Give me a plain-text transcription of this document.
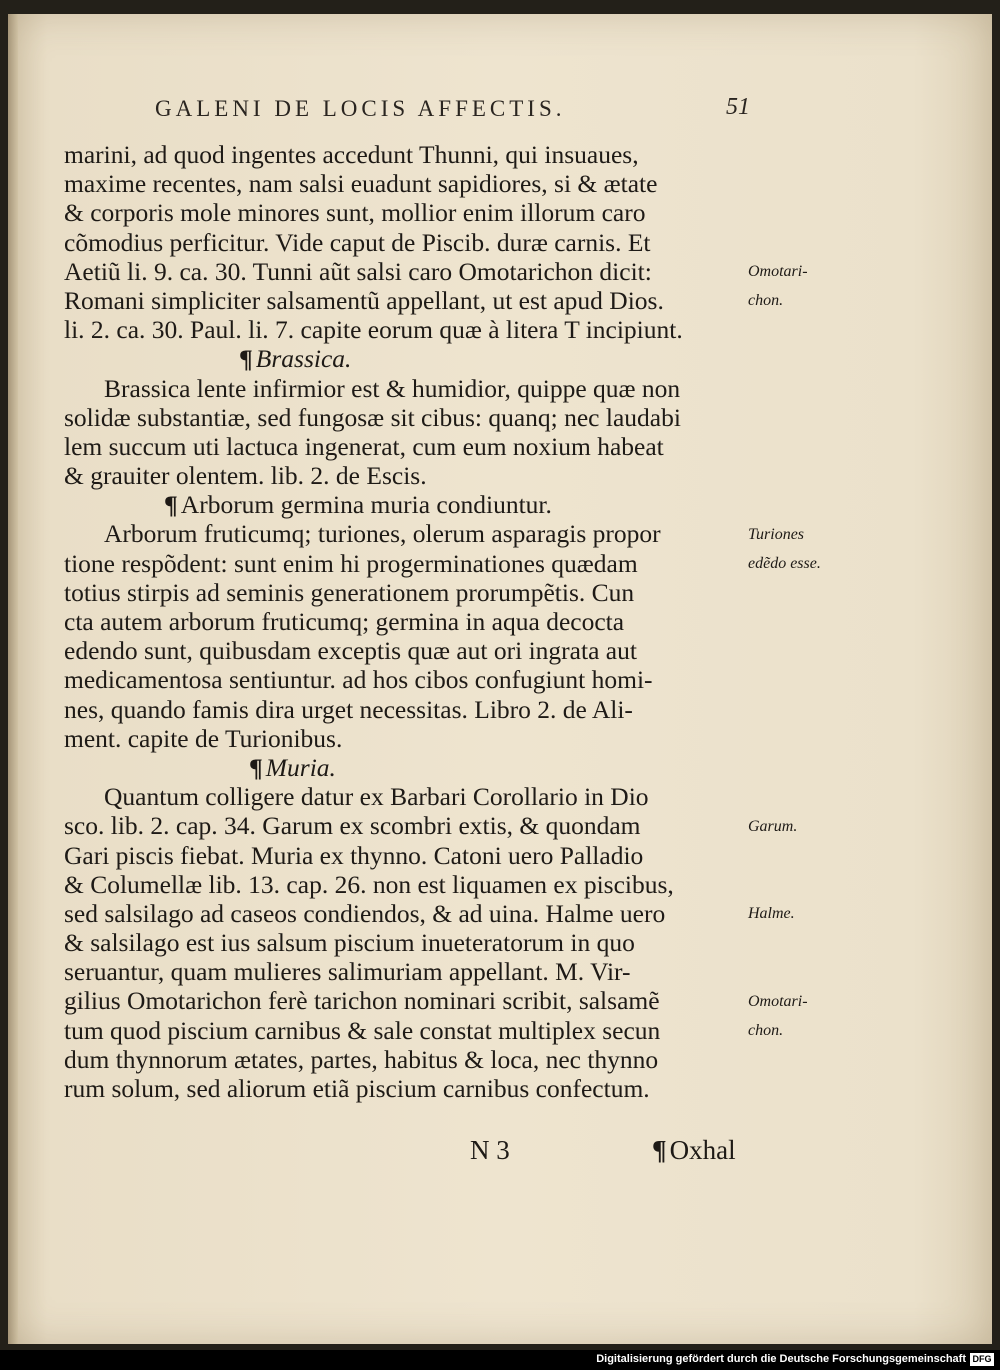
GALENI DE LOCIS AFFECTIS.	51
marini, ad quod ingentes accedunt Thunni, qui insuaues,
maxime recentes, nam salsi euadunt sapidiores, si & ætate
& corporis mole minores sunt, mollior enim illorum caro
cõmodius perficitur. Vide caput de Piscib. duræ carnis. Et
Aetiũ li. 9. ca. 30. Tunni aũt salsi caro Omotarichon dicit:
Romani simpliciter salsamentũ appellant, ut est apud Dios.
li. 2. ca. 30. Paul. li. 7. capite eorum quæ à litera T incipiunt.
¶ Brassica.
Brassica lente infirmior est & humidior, quippe quæ non
solidæ substantiæ, sed fungosæ sit cibus: quanq; nec laudabi
lem succum uti lactuca ingenerat, cum eum noxium habeat
& grauiter olentem. lib. 2. de Escis.
¶ Arborum germina muria condiuntur.
Arborum fruticumq; turiones, olerum asparagis propor
tione respõdent: sunt enim hi progerminationes quædam
totius stirpis ad seminis generationem prorumpẽtis. Cun
cta autem arborum fruticumq; germina in aqua decocta
edendo sunt, quibusdam exceptis quæ aut ori ingrata aut
medicamentosa sentiuntur. ad hos cibos confugiunt homi-
nes, quando famis dira urget necessitas. Libro 2. de Ali-
ment. capite de Turionibus.
¶ Muria.
Quantum colligere datur ex Barbari Corollario in Dio
sco. lib. 2. cap. 34. Garum ex scombri extis, & quondam
Gari piscis fiebat. Muria ex thynno. Catoni uero Palladio
& Columellæ lib. 13. cap. 26. non est liquamen ex piscibus,
sed salsilago ad caseos condiendos, & ad uina. Halme uero
& salsilago est ius salsum piscium inueteratorum in quo
seruantur, quam mulieres salimuriam appellant. M. Vir-
gilius Omotarichon ferè tarichon nominari scribit, salsamẽ
tum quod piscium carnibus & sale constat multiplex secun
dum thynnorum ætates, partes, habitus & loca, nec thynno
rum solum, sed aliorum etiã piscium carnibus confectum.
Omotari-
chon.
Turiones
edẽdo esse.
Garum.
Halme.
Omotari-
chon.
N 3	¶ Oxhal
Digitalisierung gefördert durch die Deutsche Forschungsgemeinschaft DFG
